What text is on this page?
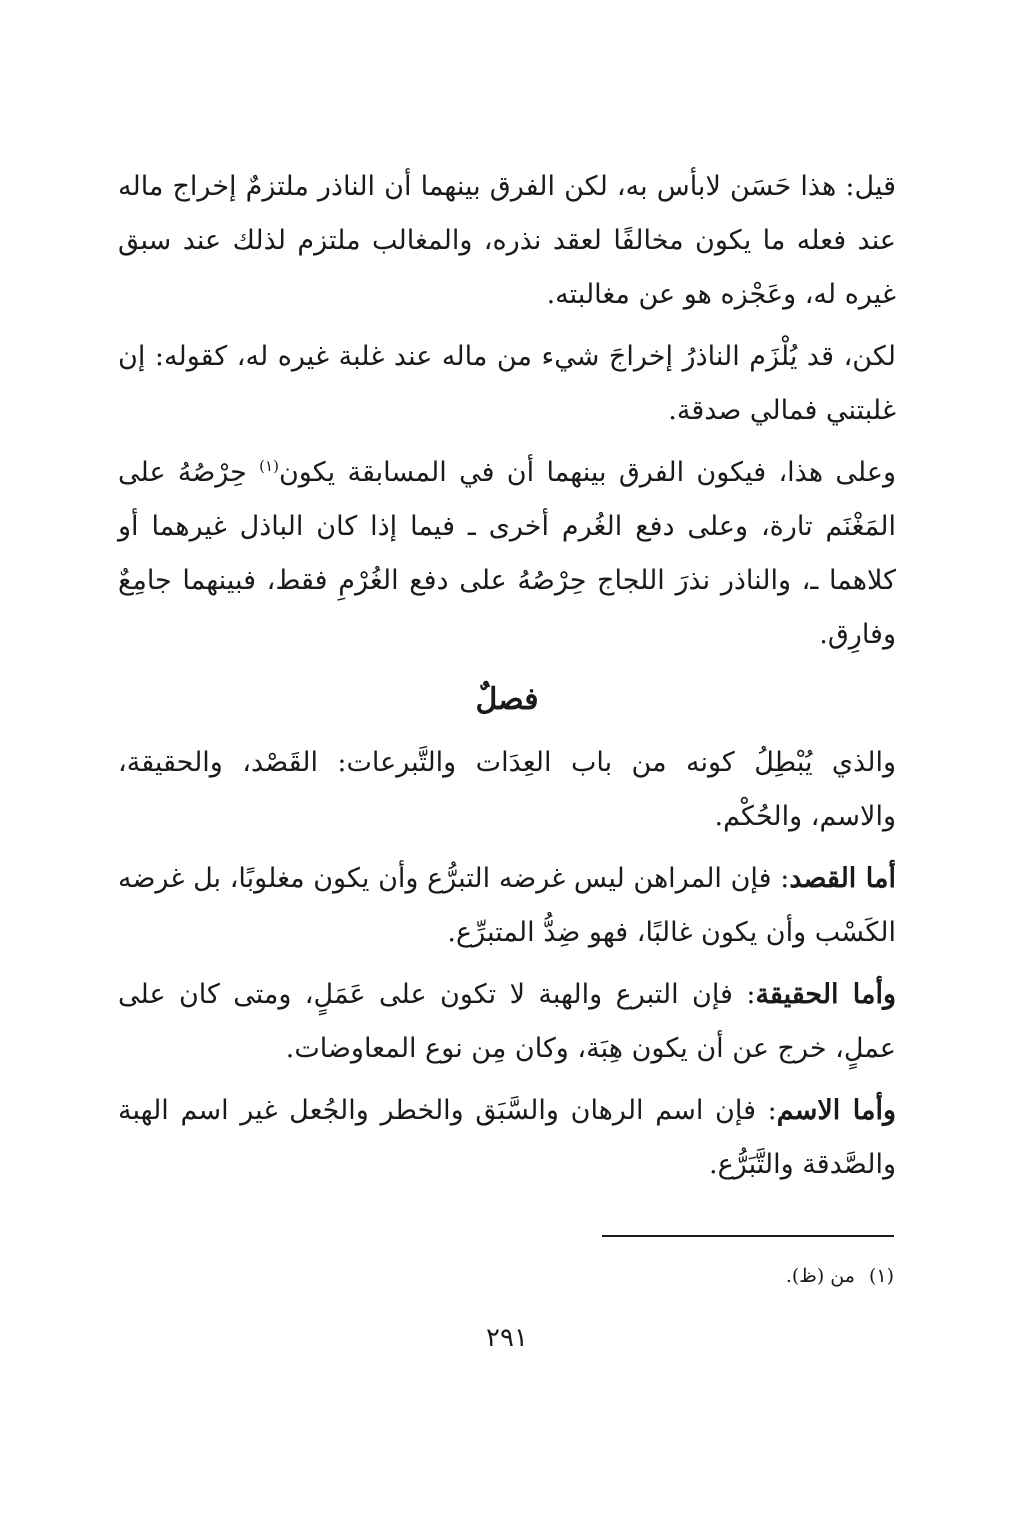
قيل: هذا حَسَن لابأس به، لكن الفرق بينهما أن الناذر ملتزمٌ إخراج ماله عند فعله ما يكون مخالفًا لعقد نذره، والمغالب ملتزم لذلك عند سبق غيره له، وعَجْزه هو عن مغالبته.

لكن، قد يُلْزَم الناذرُ إخراجَ شيء من ماله عند غلبة غيره له، كقوله: إن غلبتني فمالي صدقة.

وعلى هذا، فيكون الفرق بينهما أن في المسابقة يكون$^{(١)}$ حِرْصُهُ على المَغْنَم تارة، وعلى دفع الغُرم أخرى ـ فيما إذا كان الباذل غيرهما أو كلاهما ـ، والناذر نذرَ اللجاج حِرْصُهُ على دفع الغُرْمِ فقط، فبينهما جامِعٌ وفارِق.

فصلٌ

والذي يُبْطِلُ كونه من باب العِدَات والتَّبرعات: القَصْد، والحقيقة، والاسم، والحُكْم.

أما القصد: فإن المراهن ليس غرضه التبرُّع وأن يكون مغلوبًا، بل غرضه الكَسْب وأن يكون غالبًا، فهو ضِدُّ المتبرِّع.

وأما الحقيقة: فإن التبرع والهبة لا تكون على عَمَلٍ، ومتى كان على عملٍ، خرج عن أن يكون هِبَة، وكان مِن نوع المعاوضات.

وأما الاسم: فإن اسم الرهان والسَّبَق والخطر والجُعل غير اسم الهبة والصَّدقة والتَّبَرُّع.

(١)من (ظ).
٢٩١
